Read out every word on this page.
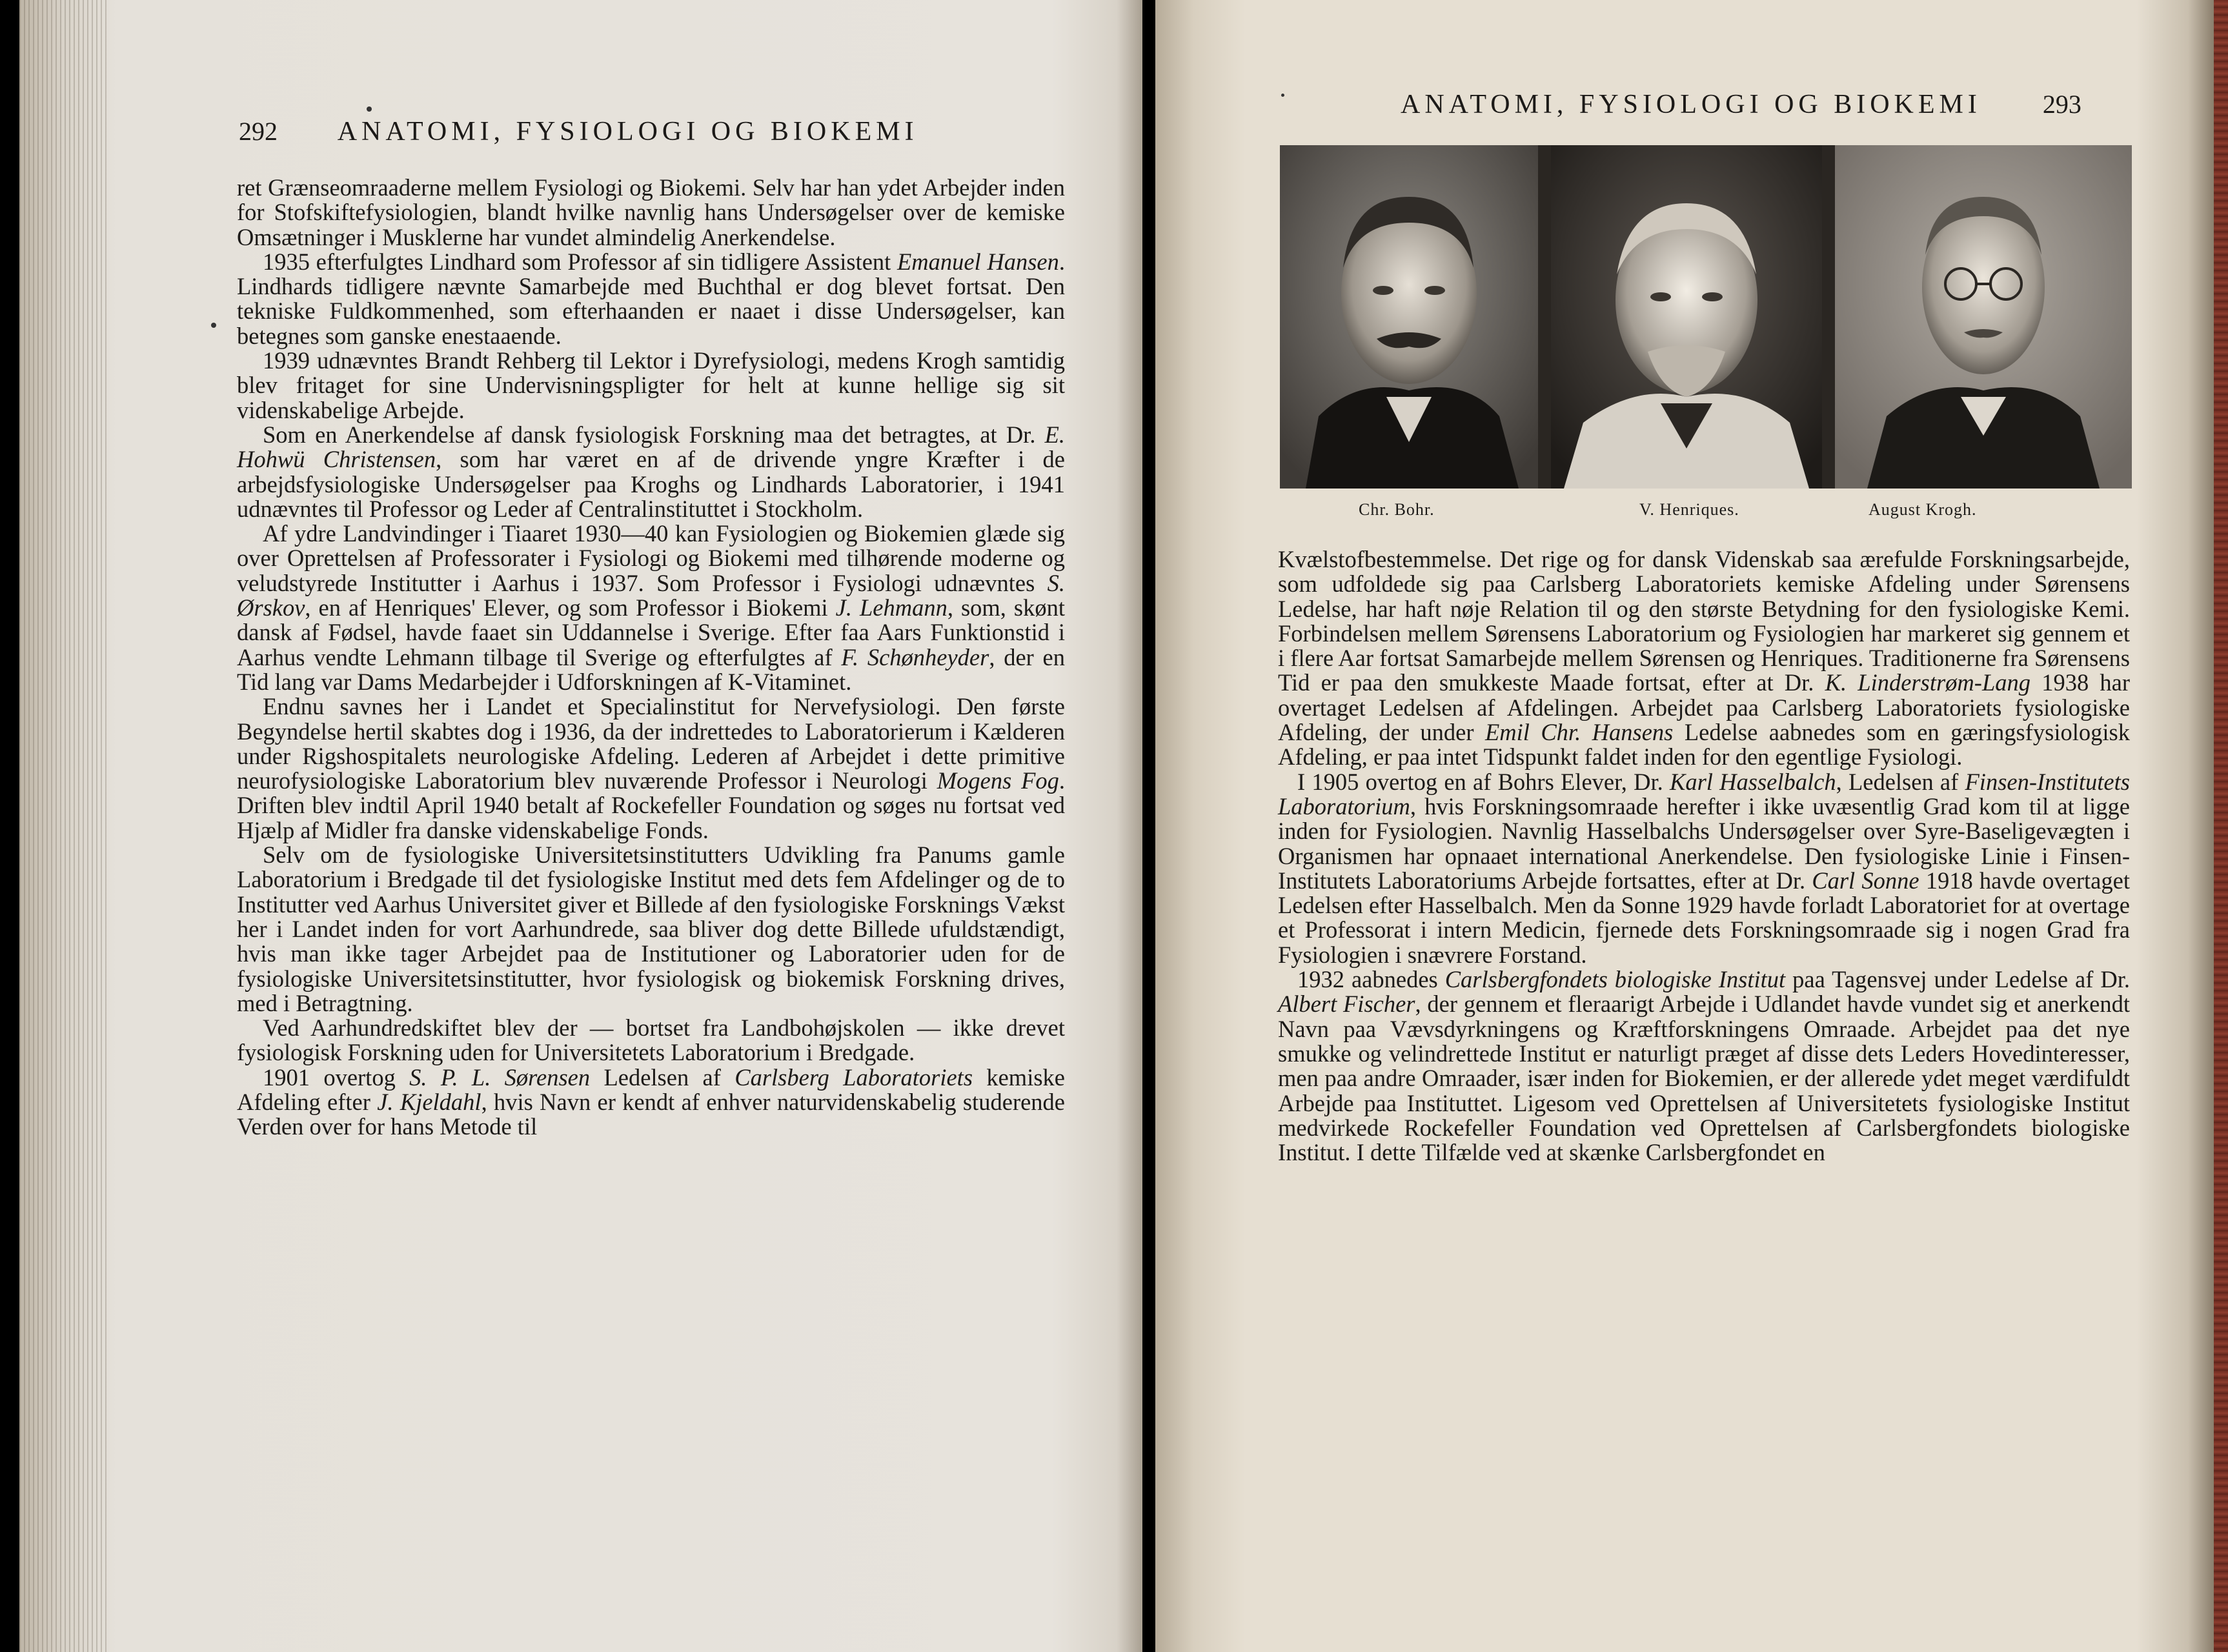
292 ANATOMI, FYSIOLOGI OG BIOKEMI

ret Grænseomraaderne mellem Fysiologi og Biokemi. Selv har han ydet Arbejder inden for Stofskiftefysiologien, blandt hvilke navnlig hans Undersøgelser over de kemiske Omsætninger i Musklerne har vundet almindelig Anerkendelse.

1935 efterfulgtes Lindhard som Professor af sin tidligere Assistent Emanuel Hansen. Lindhards tidligere nævnte Samarbejde med Buchthal er dog blevet fortsat. Den tekniske Fuldkommenhed, som efterhaanden er naaet i disse Undersøgelser, kan betegnes som ganske enestaaende.

1939 udnævntes Brandt Rehberg til Lektor i Dyrefysiologi, medens Krogh samtidig blev fritaget for sine Undervisningspligter for helt at kunne hellige sig sit videnskabelige Arbejde.

Som en Anerkendelse af dansk fysiologisk Forskning maa det betragtes, at Dr. E. Hohwü Christensen, som har været en af de drivende yngre Kræfter i de arbejdsfysiologiske Undersøgelser paa Kroghs og Lindhards Laboratorier, i 1941 udnævntes til Professor og Leder af Centralinstituttet i Stockholm.

Af ydre Landvindinger i Tiaaret 1930—40 kan Fysiologien og Biokemien glæde sig over Oprettelsen af Professorater i Fysiologi og Biokemi med tilhørende moderne og veludstyrede Institutter i Aarhus i 1937. Som Professor i Fysiologi udnævntes S. Ørskov, en af Henriques' Elever, og som Professor i Biokemi J. Lehmann, som, skønt dansk af Fødsel, havde faaet sin Uddannelse i Sverige. Efter faa Aars Funktionstid i Aarhus vendte Lehmann tilbage til Sverige og efterfulgtes af F. Schønheyder, der en Tid lang var Dams Medarbejder i Udforskningen af K-Vitaminet.

Endnu savnes her i Landet et Specialinstitut for Nervefysiologi. Den første Begyndelse hertil skabtes dog i 1936, da der indrettedes to Laboratorierum i Kælderen under Rigshospitalets neurologiske Afdeling. Lederen af Arbejdet i dette primitive neurofysiologiske Laboratorium blev nuværende Professor i Neurologi Mogens Fog. Driften blev indtil April 1940 betalt af Rockefeller Foundation og søges nu fortsat ved Hjælp af Midler fra danske videnskabelige Fonds.

Selv om de fysiologiske Universitetsinstitutters Udvikling fra Panums gamle Laboratorium i Bredgade til det fysiologiske Institut med dets fem Afdelinger og de to Institutter ved Aarhus Universitet giver et Billede af den fysiologiske Forsknings Vækst her i Landet inden for vort Aarhundrede, saa bliver dog dette Billede ufuldstændigt, hvis man ikke tager Arbejdet paa de Institutioner og Laboratorier uden for de fysiologiske Universitetsinstitutter, hvor fysiologisk og biokemisk Forskning drives, med i Betragtning.

Ved Aarhundredskiftet blev der — bortset fra Landbohøjskolen — ikke drevet fysiologisk Forskning uden for Universitetets Laboratorium i Bredgade.

1901 overtog S. P. L. Sørensen Ledelsen af Carlsberg Laboratoriets kemiske Afdeling efter J. Kjeldahl, hvis Navn er kendt af enhver naturvidenskabelig studerende Verden over for hans Metode til

ANATOMI, FYSIOLOGI OG BIOKEMI 293
Chr. Bohr.	V. Henriques.	August Krogh.

Kvælstofbestemmelse. Det rige og for dansk Videnskab saa ærefulde Forskningsarbejde, som udfoldede sig paa Carlsberg Laboratoriets kemiske Afdeling under Sørensens Ledelse, har haft nøje Relation til og den største Betydning for den fysiologiske Kemi. Forbindelsen mellem Sørensens Laboratorium og Fysiologien har markeret sig gennem et i flere Aar fortsat Samarbejde mellem Sørensen og Henriques. Traditionerne fra Sørensens Tid er paa den smukkeste Maade fortsat, efter at Dr. K. Linderstrøm-Lang 1938 har overtaget Ledelsen af Afdelingen. Arbejdet paa Carlsberg Laboratoriets fysiologiske Afdeling, der under Emil Chr. Hansens Ledelse aabnedes som en gæringsfysiologisk Afdeling, er paa intet Tidspunkt faldet inden for den egentlige Fysiologi.

I 1905 overtog en af Bohrs Elever, Dr. Karl Hasselbalch, Ledelsen af Finsen-Institutets Laboratorium, hvis Forskningsomraade herefter i ikke uvæsentlig Grad kom til at ligge inden for Fysiologien. Navnlig Hasselbalchs Undersøgelser over Syre-Baseligevægten i Organismen har opnaaet international Anerkendelse. Den fysiologiske Linie i Finsen-Institutets Laboratoriums Arbejde fortsattes, efter at Dr. Carl Sonne 1918 havde overtaget Ledelsen efter Hasselbalch. Men da Sonne 1929 havde forladt Laboratoriet for at overtage et Professorat i intern Medicin, fjernede dets Forskningsomraade sig i nogen Grad fra Fysiologien i snævrere Forstand.

1932 aabnedes Carlsbergfondets biologiske Institut paa Tagensvej under Ledelse af Dr. Albert Fischer, der gennem et fleraarigt Arbejde i Udlandet havde vundet sig et anerkendt Navn paa Vævsdyrkningens og Kræftforskningens Omraade. Arbejdet paa det nye smukke og velindrettede Institut er naturligt præget af disse dets Leders Hovedinteresser, men paa andre Omraader, især inden for Biokemien, er der allerede ydet meget værdifuldt Arbejde paa Instituttet. Ligesom ved Oprettelsen af Universitetets fysiologiske Institut medvirkede Rockefeller Foundation ved Oprettelsen af Carlsbergfondets biologiske Institut. I dette Tilfælde ved at skænke Carlsbergfondet en
